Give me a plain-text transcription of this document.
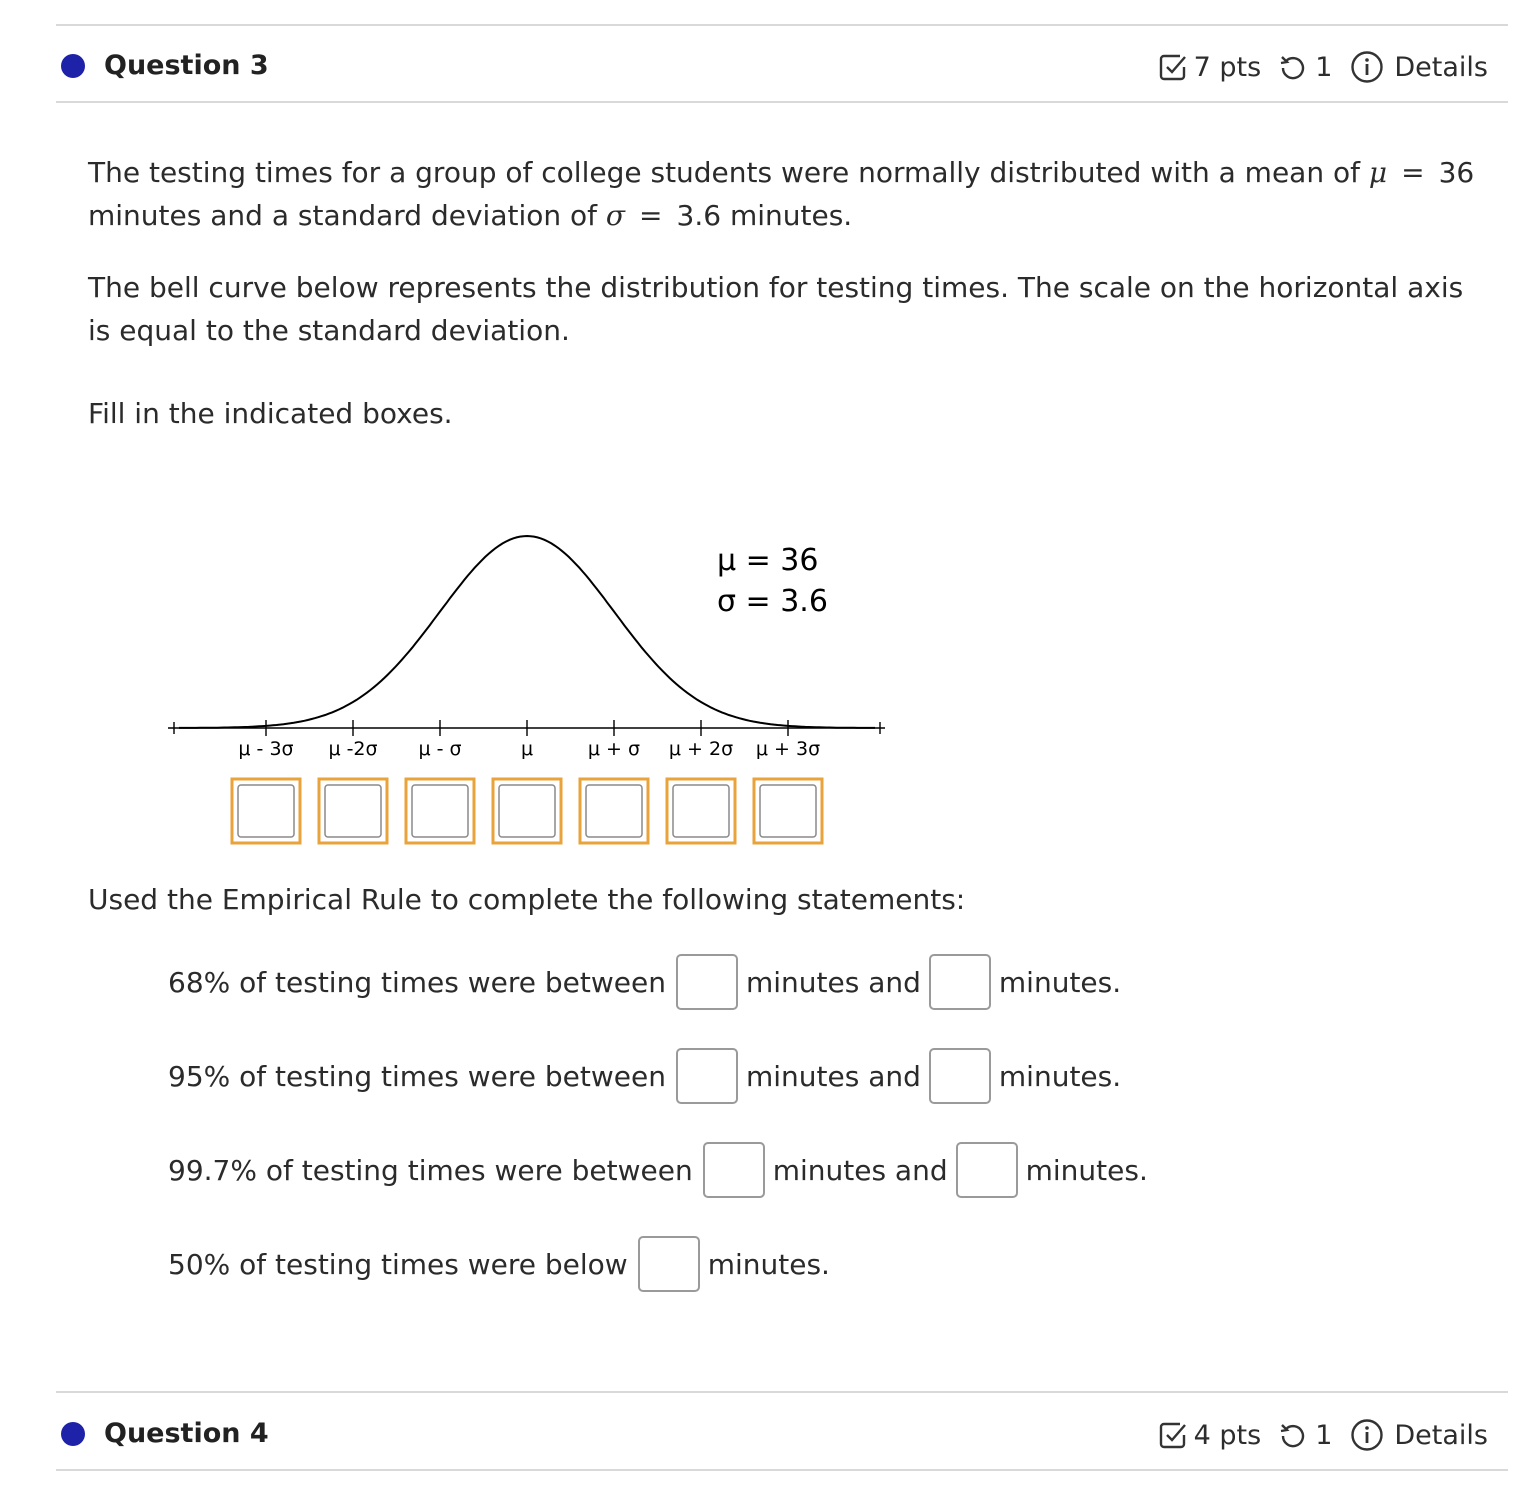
Question 3	7 pts 1 Details
The testing times for a group of college students were normally distributed with a mean of μ = 36 minutes and a standard deviation of σ = 3.6 minutes.
The bell curve below represents the distribution for testing times. The scale on the horizontal axis is equal to the standard deviation.
Fill in the indicated boxes.
μ - 3σ μ -2σ μ - σ	μ	μ + σ μ + 2σ μ + 3σ
μ = 36
σ = 3.6
Used the Empirical Rule to complete the following statements:
68% of testing times were between	minutes and	minutes.
95% of testing times were between	minutes and	minutes.
99.7% of testing times were between	minutes and	minutes.
50% of testing times were below	minutes.
Question 4	4 pts 1 Details
